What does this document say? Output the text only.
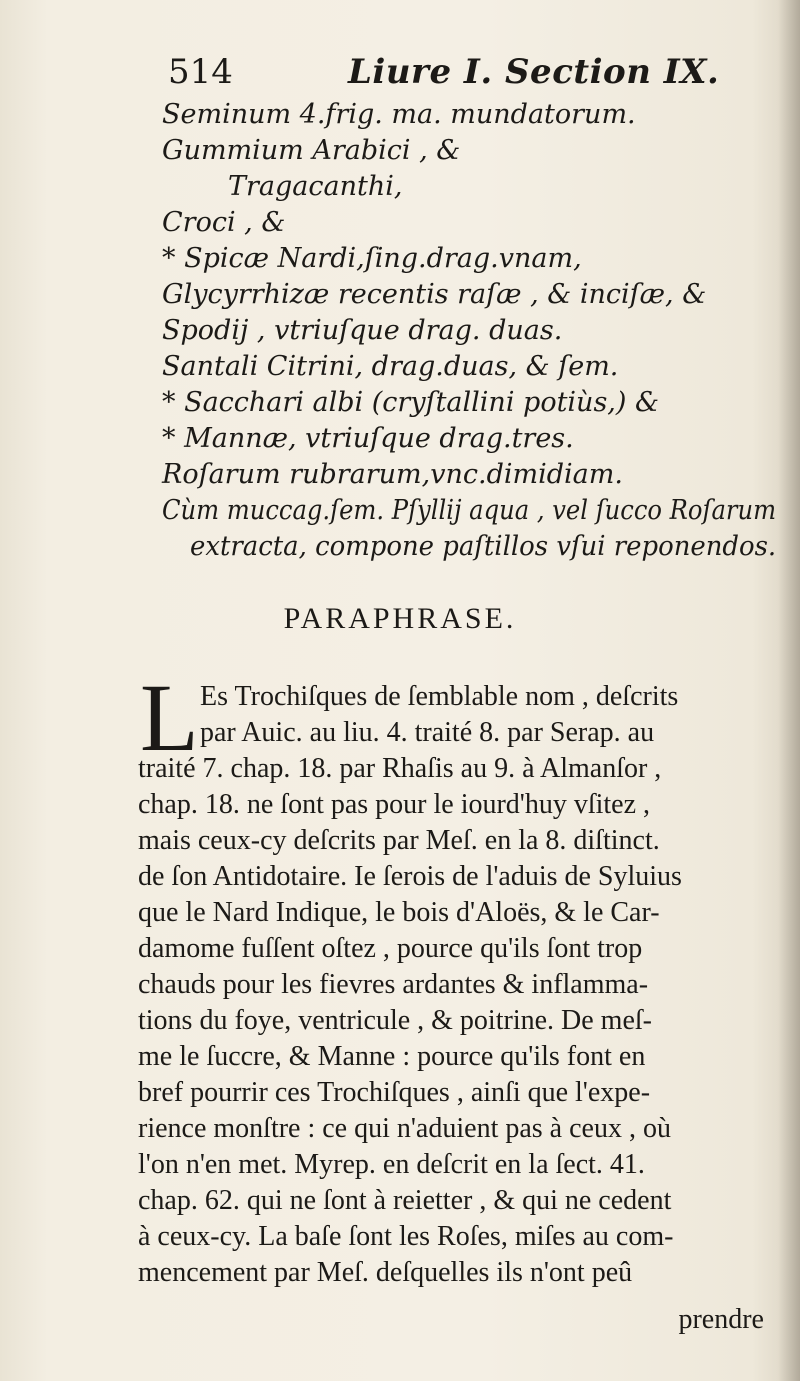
514	Liure I. Section IX.
Seminum 4.frig. ma. mundatorum.
Gummium Arabici , &
Tragacanthi,
Croci , &
* Spicæ Nardi,ſing.drag.vnam,
Glycyrrhizæ recentis raſæ , & inciſæ, &
Spodij , vtriuſque drag. duas.
Santali Citrini, drag.duas, & ſem.
* Sacchari albi (cryſtallini potiùs,) &
* Mannæ, vtriuſque drag.tres.
Roſarum rubrarum,vnc.dimidiam.
Cùm muccag.ſem. Pſyllij aqua , vel ſucco Roſarum
extracta, compone paſtillos vſui reponendos.
PARAPHRASE.
L Es Trochiſques de ſemblable nom , deſcrits
par Auic. au liu. 4. traité 8. par Serap. au
traité 7. chap. 18. par Rhaſis au 9. à Almanſor ,
chap. 18. ne ſont pas pour le iourd'huy vſitez ,
mais ceux-cy deſcrits par Meſ. en la 8. diſtinct.
de ſon Antidotaire. Ie ſerois de l'aduis de Syluius
que le Nard Indique, le bois d'Aloës, & le Car-
damome fuſſent oſtez , pource qu'ils ſont trop
chauds pour les fievres ardantes & inflamma-
tions du foye, ventricule , & poitrine. De meſ-
me le ſuccre, & Manne : pource qu'ils font en
bref pourrir ces Trochiſques , ainſi que l'expe-
rience monſtre : ce qui n'aduient pas à ceux , où
l'on n'en met. Myrep. en deſcrit en la ſect. 41.
chap. 62. qui ne ſont à reietter , & qui ne cedent
à ceux-cy. La baſe ſont les Roſes, miſes au com-
mencement par Meſ. deſquelles ils n'ont peû
prendre
